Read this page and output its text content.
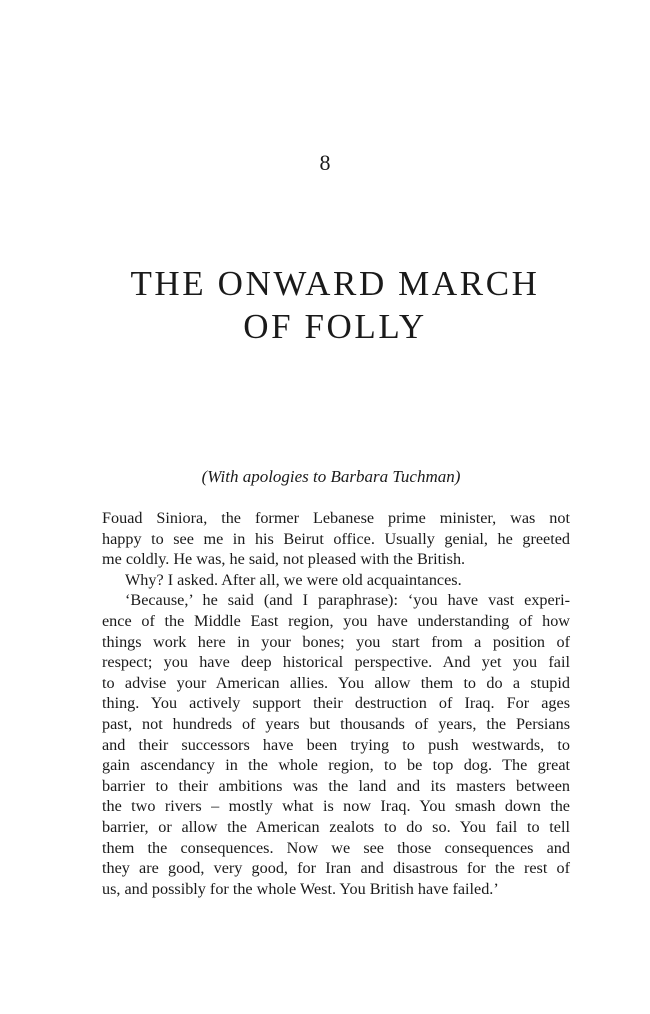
8
THE ONWARD MARCH
OF FOLLY
(With apologies to Barbara Tuchman)
Fouad Siniora, the former Lebanese prime minister, was not
happy to see me in his Beirut office. Usually genial, he greeted
me coldly. He was, he said, not pleased with the British.
Why? I asked. After all, we were old acquaintances.
‘Because,’ he said (and I paraphrase): ‘you have vast experi-
ence of the Middle East region, you have understanding of how
things work here in your bones; you start from a position of
respect; you have deep historical perspective. And yet you fail
to advise your American allies. You allow them to do a stupid
thing. You actively support their destruction of Iraq. For ages
past, not hundreds of years but thousands of years, the Persians
and their successors have been trying to push westwards, to
gain ascendancy in the whole region, to be top dog. The great
barrier to their ambitions was the land and its masters between
the two rivers – mostly what is now Iraq. You smash down the
barrier, or allow the American zealots to do so. You fail to tell
them the consequences. Now we see those consequences and
they are good, very good, for Iran and disastrous for the rest of
us, and possibly for the whole West. You British have failed.’
